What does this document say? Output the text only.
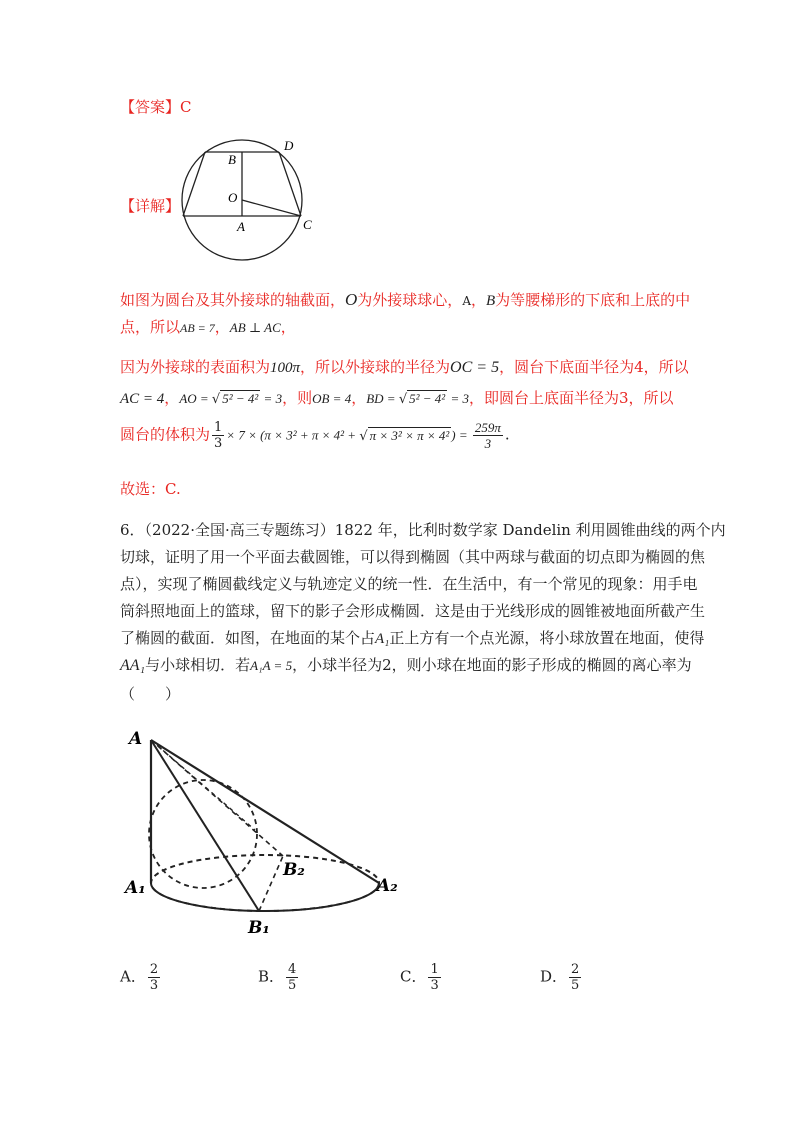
【答案】C
【详解】
B
D
O
A	C
如图为圆台及其外接球的轴截面，O为外接球球心，A，B为等腰梯形的下底和上底的中
点，所以AB = 7，AB ⊥ AC，
因为外接球的表面积为100π，所以外接球的半径为OC = 5，圆台下底面半径为4，所以
AC = 4，AO = √ 5² − 4² = 3，则OB = 4，BD = √ 5² − 4² = 3，即圆台上底面半径为3，所以
圆台的体积为 $\frac{1}{3} \times 7 \times (\pi \times 3^2 + \pi \times 4^2$ + √ π × 3² × π × 4² ) = $\frac{259\pi}{3}$ .
故选：C.
6．（2022·全国·高三专题练习）1822 年，比利时数学家 Dandelin 利用圆锥曲线的两个内
切球，证明了用一个平面去截圆锥，可以得到椭圆（其中两球与截面的切点即为椭圆的焦
点），实现了椭圆截线定义与轨迹定义的统一性．在生活中，有一个常见的现象：用手电
筒斜照地面上的篮球，留下的影子会形成椭圆．这是由于光线形成的圆锥被地面所截产生
了椭圆的截面．如图，在地面的某个占A₁正上方有一个点光源，将小球放置在地面，使得
AA₁与小球相切．若A₁A = 5，小球半径为2，则小球在地面的影子形成的椭圆的离心率为
（　　）
A
A₁	A₂
B₁
B₂
A． $\frac{2}{3}$	B． $\frac{4}{5}$	C． $\frac{1}{3}$	D． $\frac{2}{5}$
